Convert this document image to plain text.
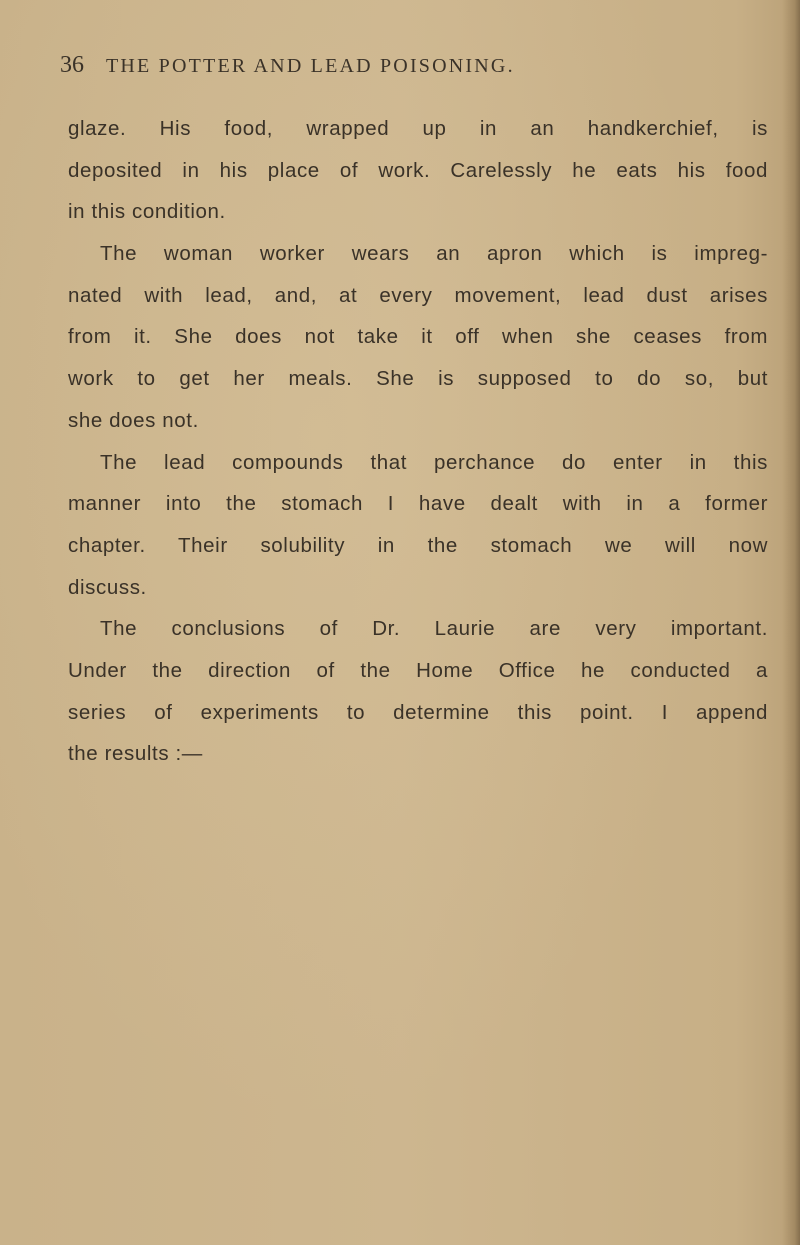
36 THE POTTER AND LEAD POISONING.
glaze. His food, wrapped up in an handkerchief, is
deposited in his place of work. Carelessly he eats his food
in this condition.
The woman worker wears an apron which is impreg-
nated with lead, and, at every movement, lead dust arises
from it. She does not take it off when she ceases from
work to get her meals. She is supposed to do so, but
she does not.
The lead compounds that perchance do enter in this
manner into the stomach I have dealt with in a former
chapter. Their solubility in the stomach we will now
discuss.
The conclusions of Dr. Laurie are very important.
Under the direction of the Home Office he conducted a
series of experiments to determine this point. I append
the results :—
